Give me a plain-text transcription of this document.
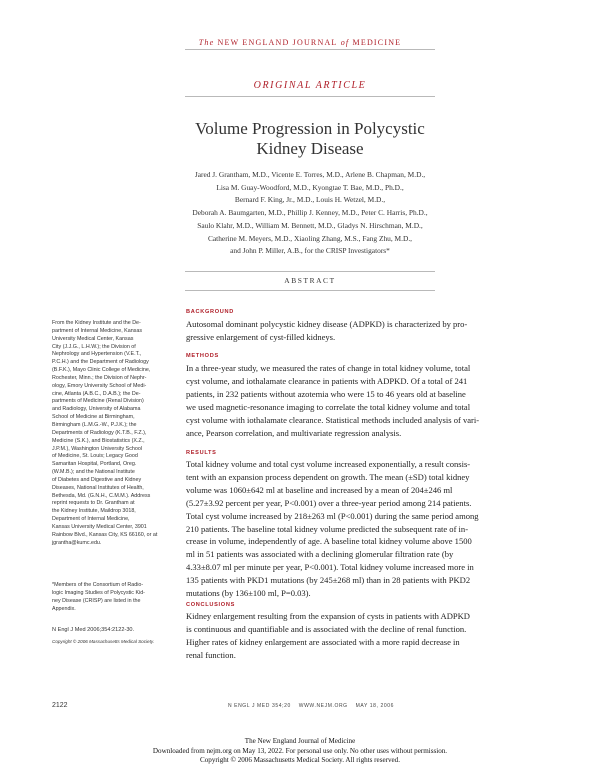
The NEW ENGLAND JOURNAL of MEDICINE
ORIGINAL ARTICLE
Volume Progression in Polycystic
Kidney Disease
Jared J. Grantham, M.D., Vicente E. Torres, M.D., Arlene B. Chapman, M.D.,
Lisa M. Guay-Woodford, M.D., Kyongtae T. Bae, M.D., Ph.D.,
Bernard F. King, Jr., M.D., Louis H. Wetzel, M.D.,
Deborah A. Baumgarten, M.D., Phillip J. Kenney, M.D., Peter C. Harris, Ph.D.,
Saulo Klahr, M.D., William M. Bennett, M.D., Gladys N. Hirschman, M.D.,
Catherine M. Meyers, M.D., Xiaoling Zhang, M.S., Fang Zhu, M.D.,
and John P. Miller, A.B., for the CRISP Investigators*
ABSTRACT
BACKGROUND
Autosomal dominant polycystic kidney disease (ADPKD) is characterized by pro-
gressive enlargement of cyst-filled kidneys.
METHODS
In a three-year study, we measured the rates of change in total kidney volume, total
cyst volume, and iothalamate clearance in patients with ADPKD. Of a total of 241
patients, in 232 patients without azotemia who were 15 to 46 years old at baseline
we used magnetic-resonance imaging to correlate the total kidney volume and total
cyst volume with iothalamate clearance. Statistical methods included analysis of vari-
ance, Pearson correlation, and multivariate regression analysis.
RESULTS
Total kidney volume and total cyst volume increased exponentially, a result consis-
tent with an expansion process dependent on growth. The mean (±SD) total kidney
volume was 1060±642 ml at baseline and increased by a mean of 204±246 ml
(5.27±3.92 percent per year, P<0.001) over a three-year period among 214 patients.
Total cyst volume increased by 218±263 ml (P<0.001) during the same period among
210 patients. The baseline total kidney volume predicted the subsequent rate of in-
crease in volume, independently of age. A baseline total kidney volume above 1500
ml in 51 patients was associated with a declining glomerular filtration rate (by
4.33±8.07 ml per minute per year, P<0.001). Total kidney volume increased more in
135 patients with PKD1 mutations (by 245±268 ml) than in 28 patients with PKD2
mutations (by 136±100 ml, P=0.03).
CONCLUSIONS
Kidney enlargement resulting from the expansion of cysts in patients with ADPKD
is continuous and quantifiable and is associated with the decline of renal function.
Higher rates of kidney enlargement are associated with a more rapid decrease in
renal function.
From the Kidney Institute and the De-
partment of Internal Medicine, Kansas
University Medical Center, Kansas
City (J.J.G., L.H.W.); the Division of
Nephrology and Hypertension (V.E.T.,
P.C.H.) and the Department of Radiology
(B.F.K.), Mayo Clinic College of Medicine,
Rochester, Minn.; the Division of Nephr-
ology, Emory University School of Medi-
cine, Atlanta (A.B.C., D.A.B.); the De-
partments of Medicine (Renal Division)
and Radiology, University of Alabama
School of Medicine at Birmingham,
Birmingham (L.M.G.-W., P.J.K.); the
Departments of Radiology (K.T.B., F.Z.),
Medicine (S.K.), and Biostatistics (X.Z.,
J.P.M.), Washington University School
of Medicine, St. Louis; Legacy Good
Samaritan Hospital, Portland, Oreg.
(W.M.B.); and the National Institute
of Diabetes and Digestive and Kidney
Diseases, National Institutes of Health,
Bethesda, Md. (G.N.H., C.M.M.). Address
reprint requests to Dr. Grantham at
the Kidney Institute, Maildrop 3018,
Department of Internal Medicine,
Kansas University Medical Center, 3901
Rainbow Blvd., Kansas City, KS 66160, or at
jgrantha@kumc.edu.
*Members of the Consortium of Radio-
logic Imaging Studies of Polycystic Kid-
ney Disease (CRISP) are listed in the
Appendix.
N Engl J Med 2006;354:2122-30.
Copyright © 2006 Massachusetts Medical Society.
2122	N ENGL J MED 354;20    WWW.NEJM.ORG    MAY 18, 2006
The New England Journal of Medicine
Downloaded from nejm.org on May 13, 2022. For personal use only. No other uses without permission.
Copyright © 2006 Massachusetts Medical Society. All rights reserved.
